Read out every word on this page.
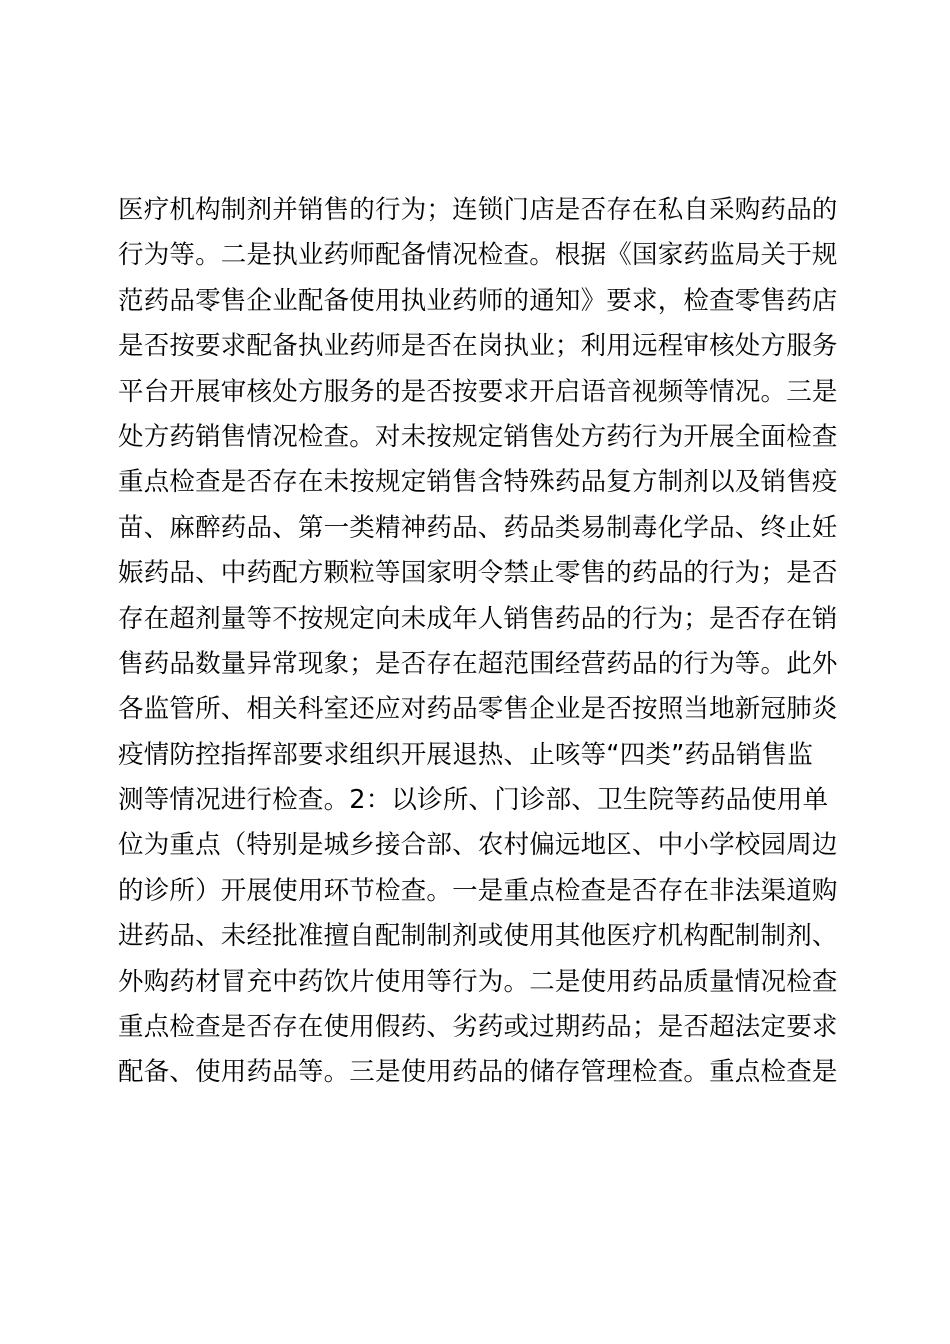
医疗机构制剂并销售的行为；连锁门店是否存在私自采购药品的
行为等。二是执业药师配备情况检查。根据《国家药监局关于规
范药品零售企业配备使用执业药师的通知》要求，检查零售药店
是否按要求配备执业药师是否在岗执业；利用远程审核处方服务
平台开展审核处方服务的是否按要求开启语音视频等情况。三是
处方药销售情况检查。对未按规定销售处方药行为开展全面检查
重点检查是否存在未按规定销售含特殊药品复方制剂以及销售疫
苗、麻醉药品、第一类精神药品、药品类易制毒化学品、终止妊
娠药品、中药配方颗粒等国家明令禁止零售的药品的行为；是否
存在超剂量等不按规定向未成年人销售药品的行为；是否存在销
售药品数量异常现象；是否存在超范围经营药品的行为等。此外
各监管所、相关科室还应对药品零售企业是否按照当地新冠肺炎
疫情防控指挥部要求组织开展退热、止咳等“四类”药品销售监
测等情况进行检查。2：以诊所、门诊部、卫生院等药品使用单
位为重点（特别是城乡接合部、农村偏远地区、中小学校园周边
的诊所）开展使用环节检查。一是重点检查是否存在非法渠道购
进药品、未经批准擅自配制制剂或使用其他医疗机构配制制剂、
外购药材冒充中药饮片使用等行为。二是使用药品质量情况检查
重点检查是否存在使用假药、劣药或过期药品；是否超法定要求
配备、使用药品等。三是使用药品的储存管理检查。重点检查是
